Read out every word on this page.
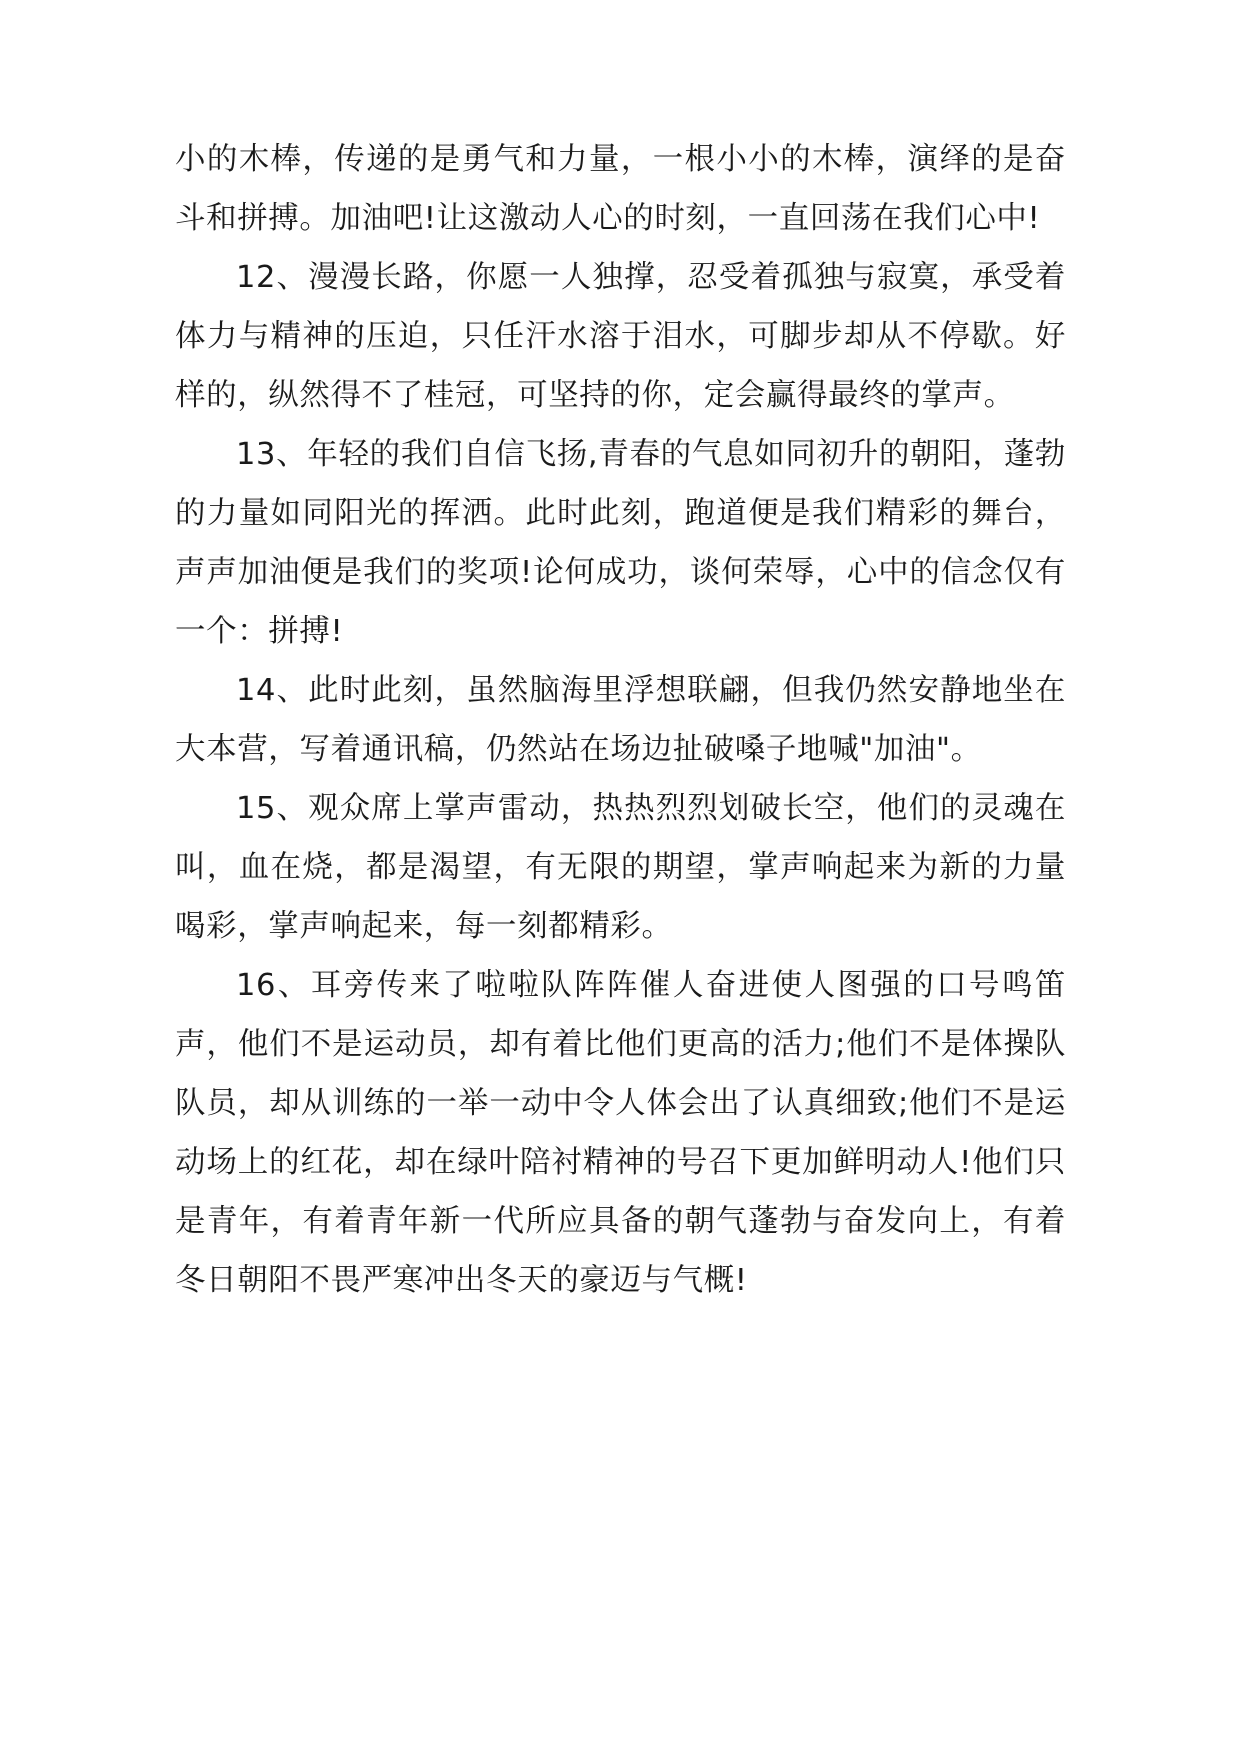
小的木棒，传递的是勇气和力量，一根小小的木棒，演绎的是奋斗和拼搏。加油吧!让这激动人心的时刻，一直回荡在我们心中!

12、漫漫长路，你愿一人独撑，忍受着孤独与寂寞，承受着体力与精神的压迫，只任汗水溶于泪水，可脚步却从不停歇。好样的，纵然得不了桂冠，可坚持的你，定会赢得最终的掌声。

13、年轻的我们自信飞扬,青春的气息如同初升的朝阳，蓬勃的力量如同阳光的挥洒。此时此刻，跑道便是我们精彩的舞台，声声加油便是我们的奖项!论何成功，谈何荣辱，心中的信念仅有一个：拼搏!

14、此时此刻，虽然脑海里浮想联翩，但我仍然安静地坐在大本营，写着通讯稿，仍然站在场边扯破嗓子地喊"加油"。

15、观众席上掌声雷动，热热烈烈划破长空，他们的灵魂在叫，血在烧，都是渴望，有无限的期望，掌声响起来为新的力量喝彩，掌声响起来，每一刻都精彩。

16、耳旁传来了啦啦队阵阵催人奋进使人图强的口号鸣笛声，他们不是运动员，却有着比他们更高的活力;他们不是体操队队员，却从训练的一举一动中令人体会出了认真细致;他们不是运动场上的红花，却在绿叶陪衬精神的号召下更加鲜明动人!他们只是青年，有着青年新一代所应具备的朝气蓬勃与奋发向上，有着冬日朝阳不畏严寒冲出冬天的豪迈与气概!
